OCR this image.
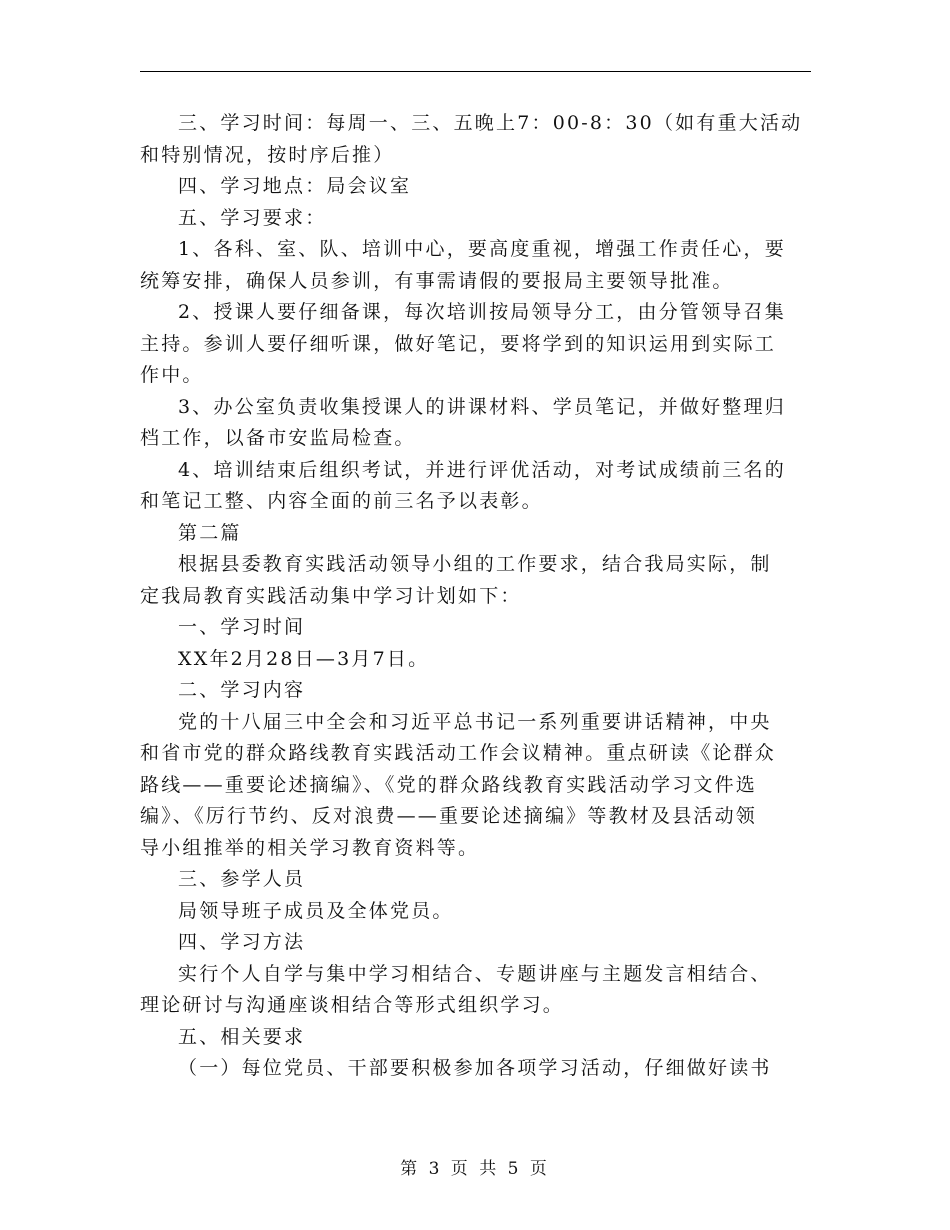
三、学习时间：每周一、三、五晚上7：00-8：30（如有重大活动
和特别情况，按时序后推）

四、学习地点：局会议室

五、学习要求：

1、各科、室、队、培训中心，要高度重视，增强工作责任心，要
统筹安排，确保人员参训，有事需请假的要报局主要领导批准。

2、授课人要仔细备课，每次培训按局领导分工，由分管领导召集
主持。参训人要仔细听课，做好笔记，要将学到的知识运用到实际工
作中。

3、办公室负责收集授课人的讲课材料、学员笔记，并做好整理归
档工作，以备市安监局检查。

4、培训结束后组织考试，并进行评优活动，对考试成绩前三名的
和笔记工整、内容全面的前三名予以表彰。

第二篇

根据县委教育实践活动领导小组的工作要求，结合我局实际，制
定我局教育实践活动集中学习计划如下：

一、学习时间

XX年2月28日—3月7日。

二、学习内容

党的十八届三中全会和习近平总书记一系列重要讲话精神，中央
和省市党的群众路线教育实践活动工作会议精神。重点研读《论群众
路线——重要论述摘编》、《党的群众路线教育实践活动学习文件选
编》、《厉行节约、反对浪费——重要论述摘编》等教材及县活动领
导小组推举的相关学习教育资料等。

三、参学人员

局领导班子成员及全体党员。

四、学习方法

实行个人自学与集中学习相结合、专题讲座与主题发言相结合、
理论研讨与沟通座谈相结合等形式组织学习。

五、相关要求

（一）每位党员、干部要积极参加各项学习活动，仔细做好读书

第 3 页 共 5 页
